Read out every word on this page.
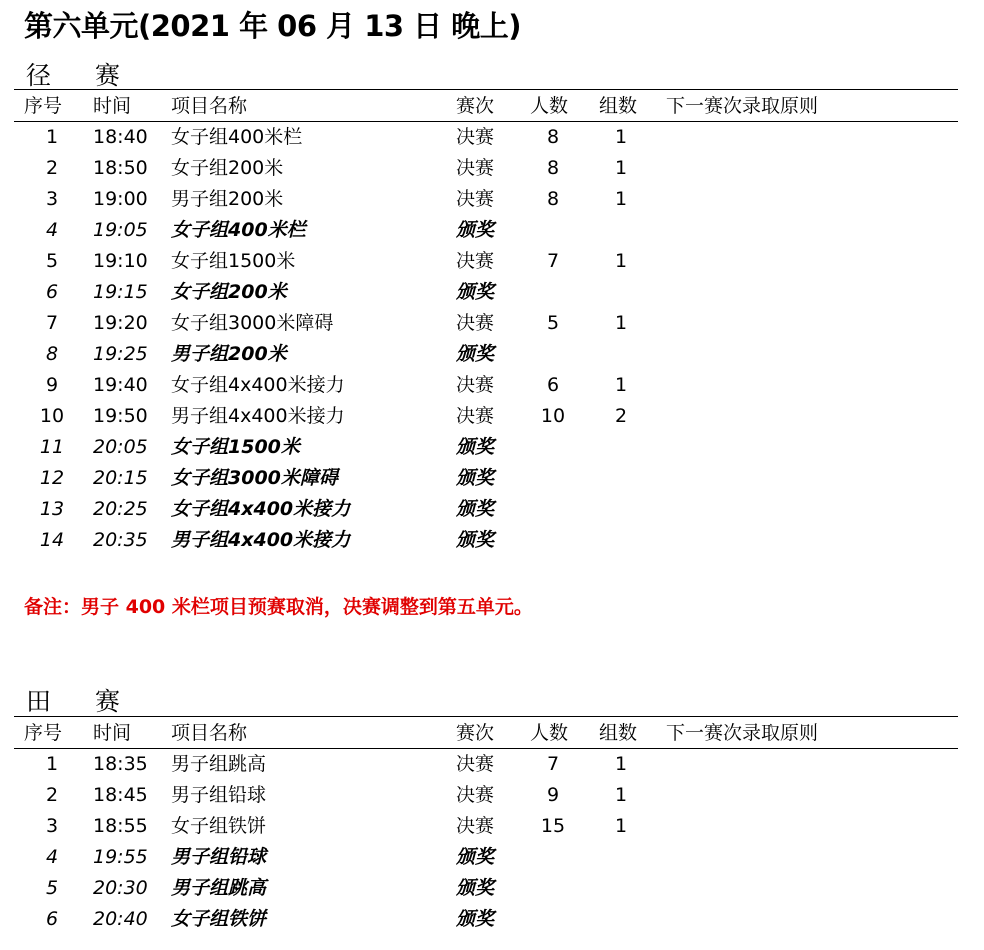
第六单元(2021 年 06 月 13 日 晚上)
径赛
序号 时间 项目名称	赛次 人数 组数 下一赛次录取原则
1	18:40 女子组400米栏	决赛	8	1
2	18:50 女子组200米	决赛	8	1
3	19:00 男子组200米	决赛	8	1
4	19:05 女子组400米栏	颁奖
5	19:10 女子组1500米	决赛	7	1
6	19:15 女子组200米	颁奖
7	19:20 女子组3000米障碍	决赛	5	1
8	19:25 男子组200米	颁奖
9	19:40 女子组4x400米接力	决赛	6	1
10	19:50 男子组4x400米接力	决赛	10	2
11	20:05 女子组1500米	颁奖
12	20:15 女子组3000米障碍	颁奖
13	20:25 女子组4x400米接力	颁奖
14	20:35 男子组4x400米接力	颁奖
备注：男子 400 米栏项目预赛取消，决赛调整到第五单元。
田赛
序号 时间 项目名称	赛次 人数 组数 下一赛次录取原则
1	18:35 男子组跳高	决赛	7	1
2	18:45 男子组铅球	决赛	9	1
3	18:55 女子组铁饼	决赛	15	1
4	19:55 男子组铅球	颁奖
5	20:30 男子组跳高	颁奖
6	20:40 女子组铁饼	颁奖
